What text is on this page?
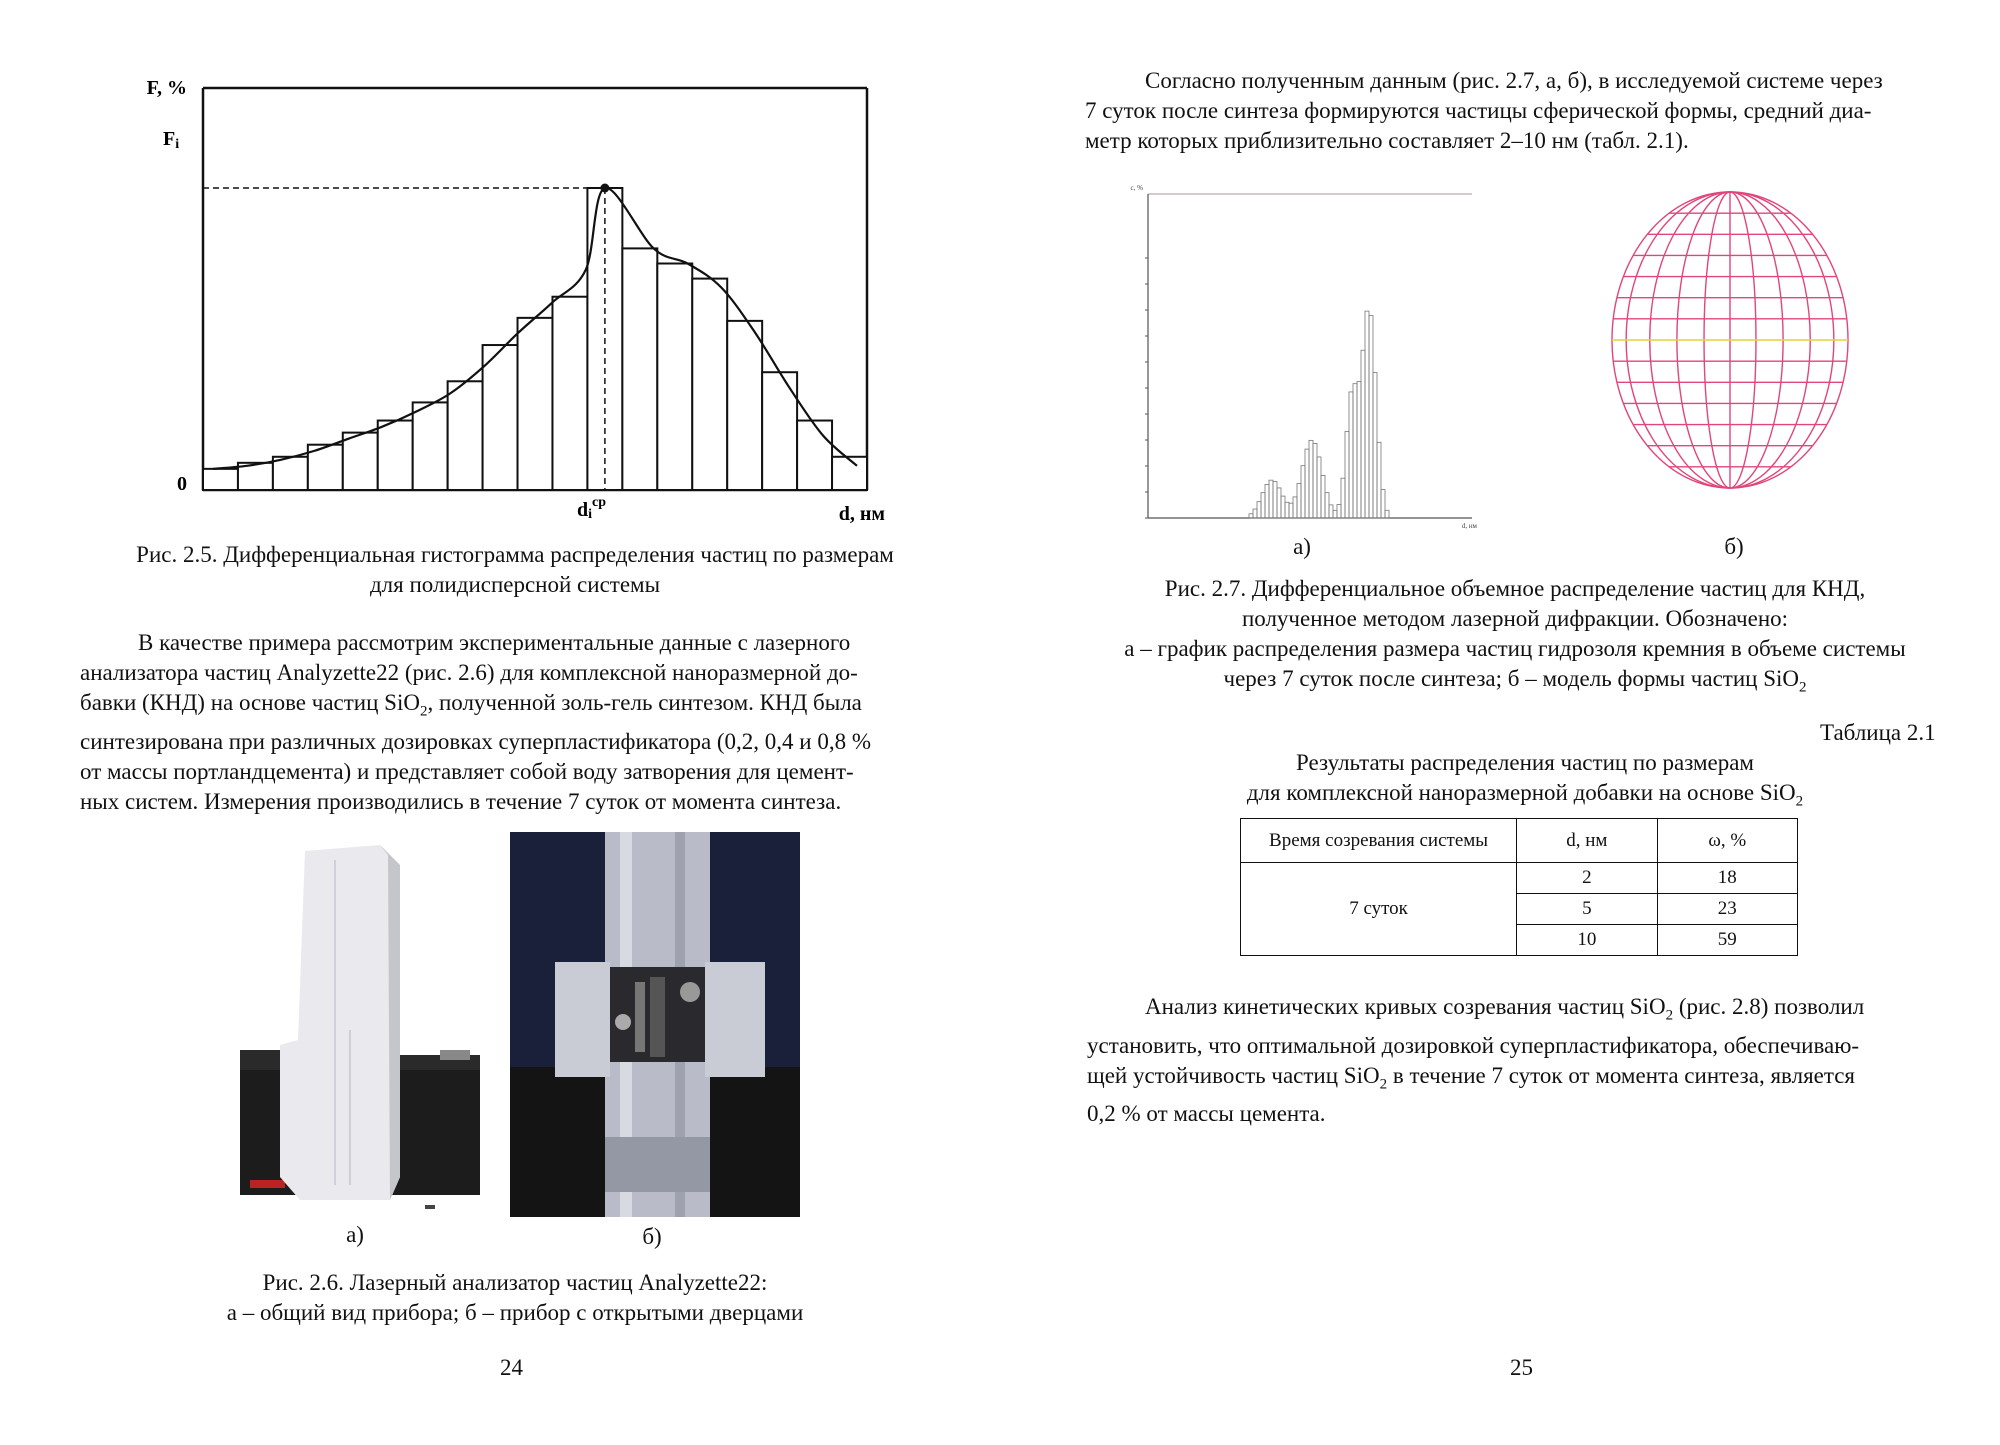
F, %
Fi
0
$di^{ср}$
d, нм
Рис. 2.5. Дифференциальная гистограмма распределения частиц по размерам
для полидисперсной системы
В качестве примера рассмотрим экспериментальные данные с лазерного
анализатора частиц Analyzette22 (рис. 2.6) для комплексной наноразмерной до-
бавки (КНД) на основе частиц SiO$_2$, полученной золь-гель синтезом. КНД была
синтезирована при различных дозировках суперпластификатора (0,2, 0,4 и 0,8 %
от массы портландцемента) и представляет собой воду затворения для цемент-
ных систем. Измерения производились в течение 7 суток от момента синтеза.
а)	б)
Рис. 2.6. Лазерный анализатор частиц Analyzette22:
а – общий вид прибора; б – прибор с открытыми дверцами
24
Согласно полученным данным (рис. 2.7, а, б), в исследуемой системе через
7 суток после синтеза формируются частицы сферической формы, средний диа-
метр которых приблизительно составляет 2–10 нм (табл. 2.1).
c, %
d, нм
а)	б)
Рис. 2.7. Дифференциальное объемное распределение частиц для КНД,
полученное методом лазерной дифракции. Обозначено:
а – график распределения размера частиц гидрозоля кремния в объеме системы
через 7 суток после синтеза; б – модель формы частиц SiO$_2$
Таблица 2.1
Результаты распределения частиц по размерам
для комплексной наноразмерной добавки на основе SiO$_2$
Время созревания системы	d, нм	ω, %
7 суток	2	18
	5	23
	10	59
Анализ кинетических кривых созревания частиц SiO$_2$ (рис. 2.8) позволил
установить, что оптимальной дозировкой суперпластификатора, обеспечиваю-
щей устойчивость частиц SiO$_2$ в течение 7 суток от момента синтеза, является
0,2 % от массы цемента.
25
